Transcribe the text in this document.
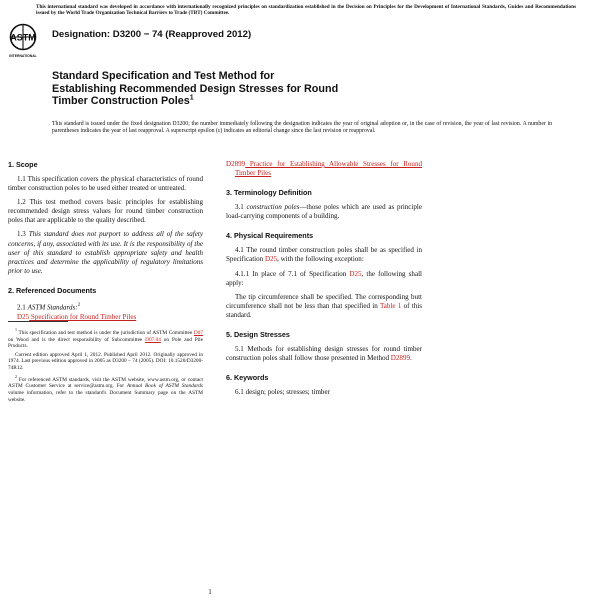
This international standard was developed in accordance with internationally recognized principles on standardization established in the Decision on Principles for the Development of International Standards, Guides and Recommendations issued by the World Trade Organization Technical Barriers to Trade (TBT) Committee.
ASTM
INTERNATIONAL
Designation: D3200 − 74 (Reapproved 2012)
Standard Specification and Test Method for
Establishing Recommended Design Stresses for Round
Timber Construction Poles$^1$
This standard is issued under the fixed designation D3200; the number immediately following the designation indicates the year of original adoption or, in the case of revision, the year of last revision. A number in parentheses indicates the year of last reapproval. A superscript epsilon (ε) indicates an editorial change since the last revision or reapproval.
1. Scope

1.1 This specification covers the physical characteristics of round timber construction poles to be used either treated or untreated.

1.2 This test method covers basic principles for establishing recommended design stress values for round timber construction poles that are applicable to the quality described.

1.3 This standard does not purport to address all of the safety concerns, if any, associated with its use. It is the responsibility of the user of this standard to establish appropriate safety and health practices and determine the applicability of regulatory limitations prior to use.

2. Referenced Documents

2.1 ASTM Standards:$^2$

D25 Specification for Round Timber Piles

$^1$ This specification and test method is under the jurisdiction of ASTM Committee D07 on Wood and is the direct responsibility of Subcommittee D07.04 on Pole and Pile Products.

Current edition approved April 1, 2012. Published April 2012. Originally approved in 1974. Last previous edition approved in 2005 as D3200 – 74 (2005). DOI: 10.1520/D3200-74R12.

$^2$ For referenced ASTM standards, visit the ASTM website, www.astm.org, or contact ASTM Customer Service at service@astm.org. For Annual Book of ASTM Standards volume information, refer to the standard's Document Summary page on the ASTM website.

D2899 Practice for Establishing Allowable Stresses for Round Timber Piles

3. Terminology Definition

3.1 construction poles—those poles which are used as principle load-carrying components of a building.

4. Physical Requirements

4.1 The round timber construction poles shall be as specified in Specification D25, with the following exception:

4.1.1 In place of 7.1 of Specification D25, the following shall apply:

The tip circumference shall be specified. The corresponding butt circumference shall not be less than that specified in Table 1 of this standard.

5. Design Stresses

5.1 Methods for establishing design stresses for round timber construction poles shall follow those presented in Method D2899.

6. Keywords

6.1 design; poles; stresses; timber

1
